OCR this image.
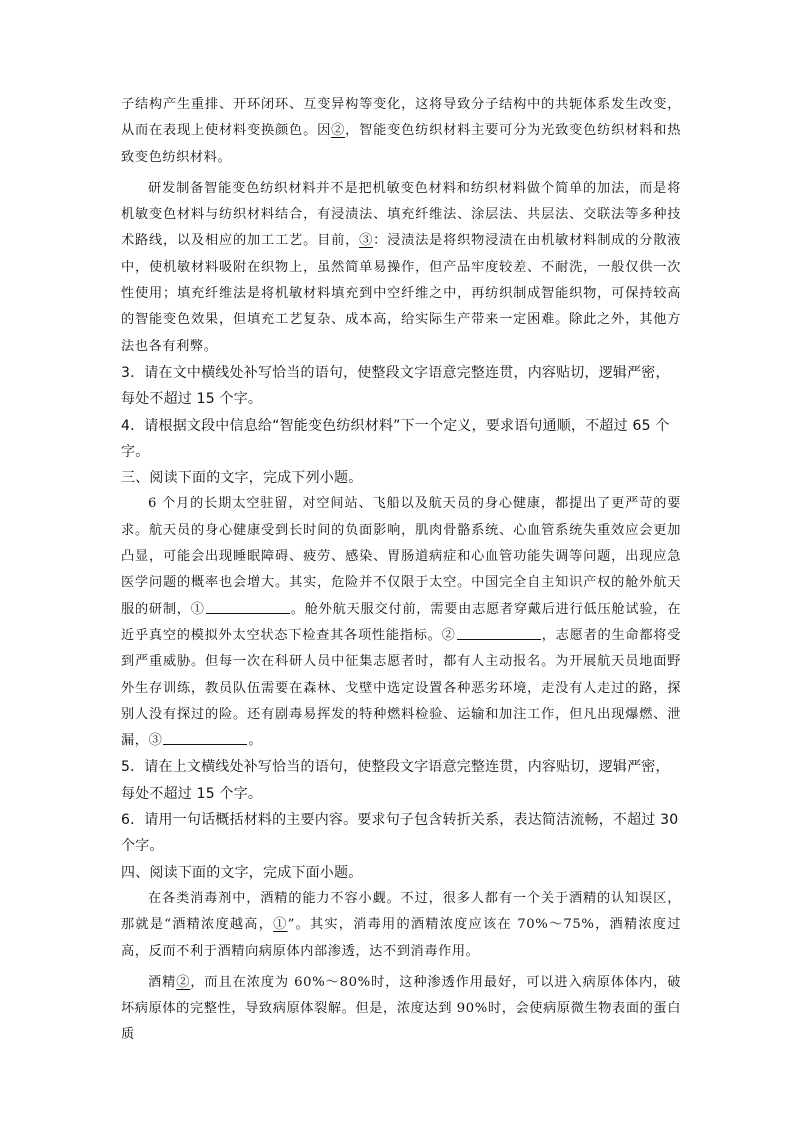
子结构产生重排、开环闭环、互变异构等变化，这将导致分子结构中的共轭体系发生改变，从而在表现上使材料变换颜色。因②，智能变色纺织材料主要可分为光致变色纺织材料和热致变色纺织材料。

研发制备智能变色纺织材料并不是把机敏变色材料和纺织材料做个简单的加法，而是将机敏变色材料与纺织材料结合，有浸渍法、填充纤维法、涂层法、共层法、交联法等多种技术路线，以及相应的加工工艺。目前，③：浸渍法是将织物浸渍在由机敏材料制成的分散液中，使机敏材料吸附在织物上，虽然简单易操作，但产品牢度较差、不耐洗，一般仅供一次性使用；填充纤维法是将机敏材料填充到中空纤维之中，再纺织制成智能织物，可保持较高的智能变色效果，但填充工艺复杂、成本高，给实际生产带来一定困难。除此之外，其他方法也各有利弊。

3．请在文中横线处补写恰当的语句，使整段文字语意完整连贯，内容贴切，逻辑严密，每处不超过 15 个字。

4．请根据文段中信息给“智能变色纺织材料”下一个定义，要求语句通顺，不超过 65 个字。

三、阅读下面的文字，完成下列小题。

6 个月的长期太空驻留，对空间站、飞船以及航天员的身心健康，都提出了更严苛的要求。航天员的身心健康受到长时间的负面影响，肌肉骨骼系统、心血管系统失重效应会更加凸显，可能会出现睡眠障碍、疲劳、感染、胃肠道病症和心血管功能失调等问题，出现应急医学问题的概率也会增大。其实，危险并不仅限于太空。中国完全自主知识产权的舱外航天服的研制，①	。舱外航天服交付前，需要由志愿者穿戴后进行低压舱试验，在近乎真空的模拟外太空状态下检查其各项性能指标。②	，志愿者的生命都将受到严重威胁。但每一次在科研人员中征集志愿者时，都有人主动报名。为开展航天员地面野外生存训练，教员队伍需要在森林、戈壁中选定设置各种恶劣环境，走没有人走过的路，探别人没有探过的险。还有剧毒易挥发的特种燃料检验、运输和加注工作，但凡出现爆燃、泄漏，③	。

5．请在上文横线处补写恰当的语句，使整段文字语意完整连贯，内容贴切，逻辑严密，每处不超过 15 个字。

6．请用一句话概括材料的主要内容。要求句子包含转折关系，表达简洁流畅，不超过 30 个字。

四、阅读下面的文字，完成下面小题。

在各类消毒剂中，酒精的能力不容小觑。不过，很多人都有一个关于酒精的认知误区，那就是“酒精浓度越高，①”。其实，消毒用的酒精浓度应该在 70%～75%，酒精浓度过高，反而不利于酒精向病原体内部渗透，达不到消毒作用。

酒精②，而且在浓度为 60%～80%时，这种渗透作用最好，可以进入病原体体内，破坏病原体的完整性，导致病原体裂解。但是，浓度达到 90%时，会使病原微生物表面的蛋白质
